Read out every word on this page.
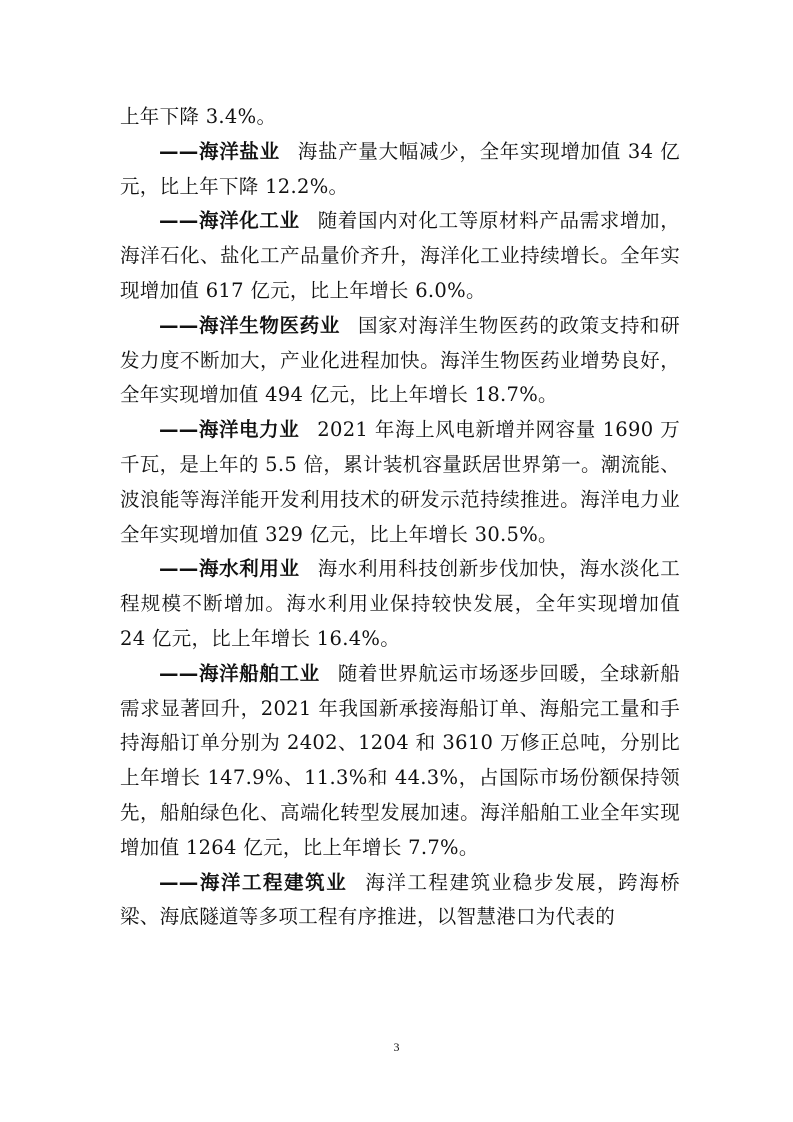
上年下降 3.4%。

——海洋盐业 海盐产量大幅减少，全年实现增加值 34 亿元，比上年下降 12.2%。

——海洋化工业 随着国内对化工等原材料产品需求增加，海洋石化、盐化工产品量价齐升，海洋化工业持续增长。全年实现增加值 617 亿元，比上年增长 6.0%。

——海洋生物医药业 国家对海洋生物医药的政策支持和研发力度不断加大，产业化进程加快。海洋生物医药业增势良好，全年实现增加值 494 亿元，比上年增长 18.7%。

——海洋电力业 2021 年海上风电新增并网容量 1690 万千瓦，是上年的 5.5 倍，累计装机容量跃居世界第一。潮流能、波浪能等海洋能开发利用技术的研发示范持续推进。海洋电力业全年实现增加值 329 亿元，比上年增长 30.5%。

——海水利用业 海水利用科技创新步伐加快，海水淡化工程规模不断增加。海水利用业保持较快发展，全年实现增加值 24 亿元，比上年增长 16.4%。

——海洋船舶工业 随着世界航运市场逐步回暖，全球新船需求显著回升，2021 年我国新承接海船订单、海船完工量和手持海船订单分别为 2402、1204 和 3610 万修正总吨，分别比上年增长 147.9%、11.3%和 44.3%，占国际市场份额保持领先，船舶绿色化、高端化转型发展加速。海洋船舶工业全年实现增加值 1264 亿元，比上年增长 7.7%。

——海洋工程建筑业 海洋工程建筑业稳步发展，跨海桥梁、海底隧道等多项工程有序推进，以智慧港口为代表的

3
